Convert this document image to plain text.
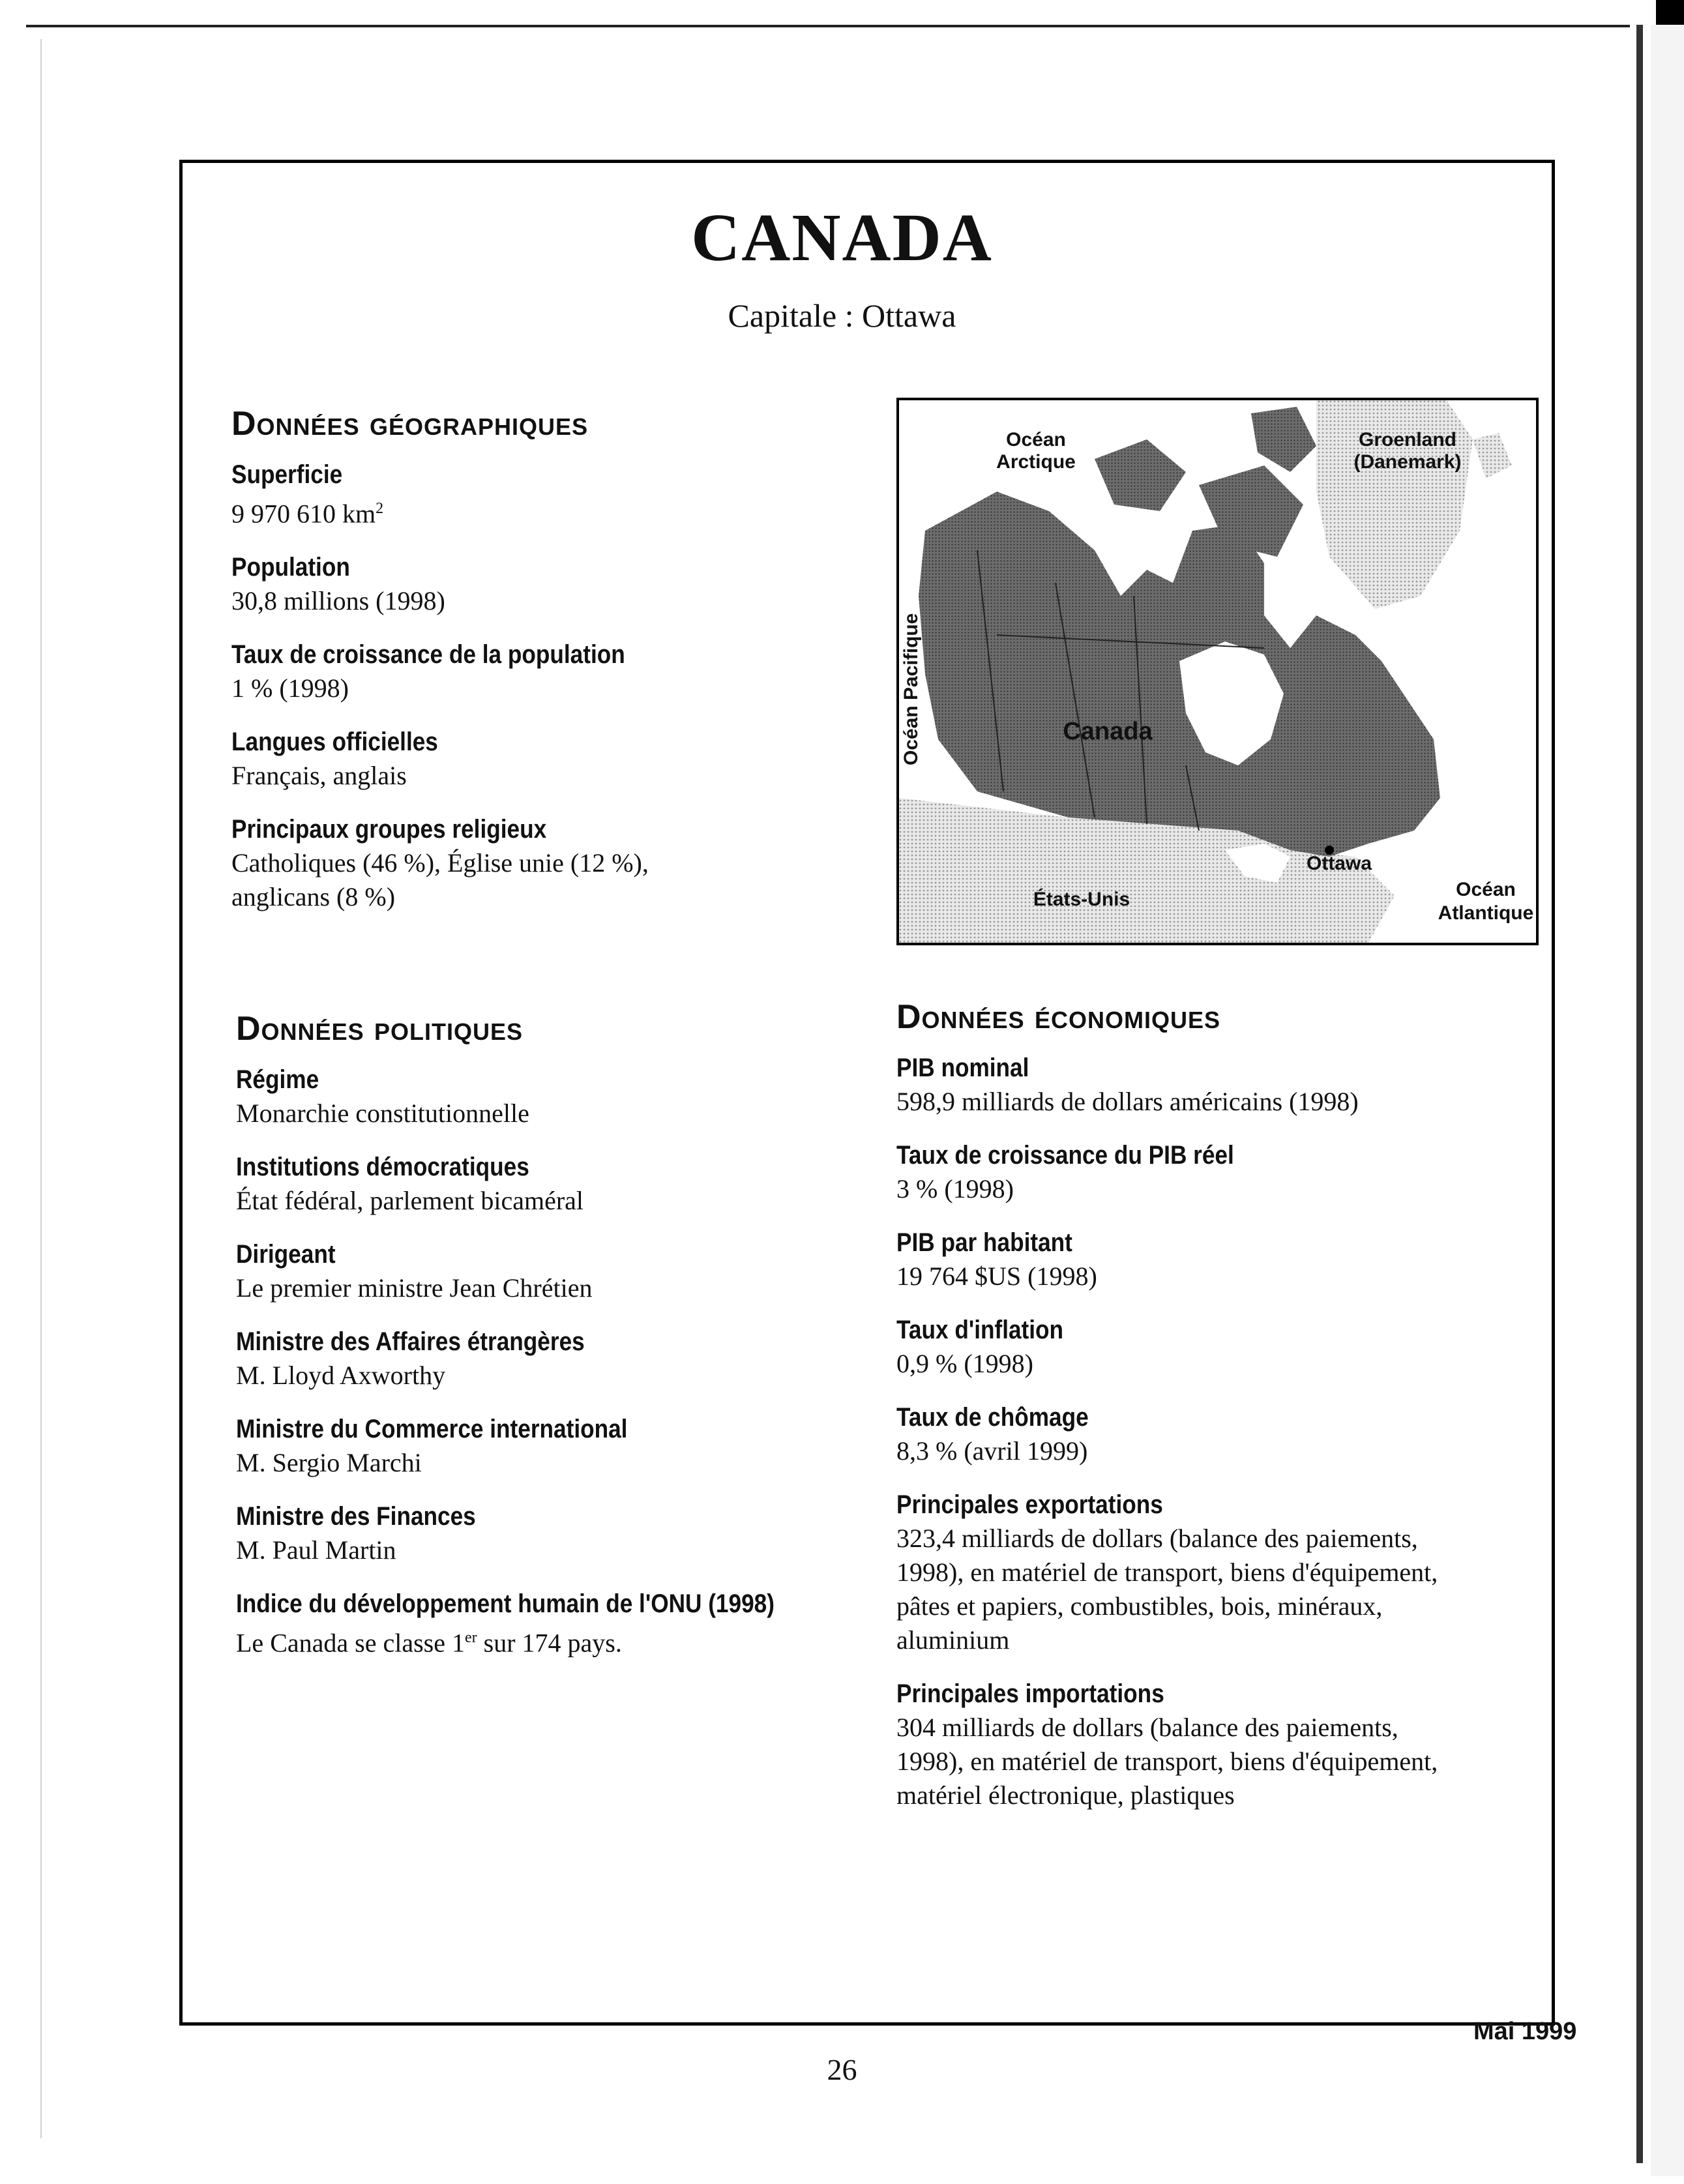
CANADA
Capitale : Ottawa
Données géographiques
Superficie
9 970 610 $km^2$
Population
30,8 millions (1998)
Taux de croissance de la population
1 % (1998)
Langues officielles
Français, anglais
Principaux groupes religieux
Catholiques (46 %), Église unie (12 %),
anglicans (8 %)
Océan
Arctique
Groenland
(Danemark)
Océan Pacifique	Canada
Ottawa
États-Unis	Océan
Atlantique
Données politiques
Régime
Monarchie constitutionnelle
Institutions démocratiques
État fédéral, parlement bicaméral
Dirigeant
Le premier ministre Jean Chrétien
Ministre des Affaires étrangères
M. Lloyd Axworthy
Ministre du Commerce international
M. Sergio Marchi
Ministre des Finances
M. Paul Martin
Indice du développement humain de l'ONU (1998)
Le Canada se classe 1er sur 174 pays.
Données économiques
PIB nominal
598,9 milliards de dollars américains (1998)
Taux de croissance du PIB réel
3 % (1998)
PIB par habitant
19 764 $US (1998)
Taux d'inflation
0,9 % (1998)
Taux de chômage
8,3 % (avril 1999)
Principales exportations
323,4 milliards de dollars (balance des paiements,
1998), en matériel de transport, biens d'équipement,
pâtes et papiers, combustibles, bois, minéraux,
aluminium
Principales importations
304 milliards de dollars (balance des paiements,
1998), en matériel de transport, biens d'équipement,
matériel électronique, plastiques
Mai 1999
26
